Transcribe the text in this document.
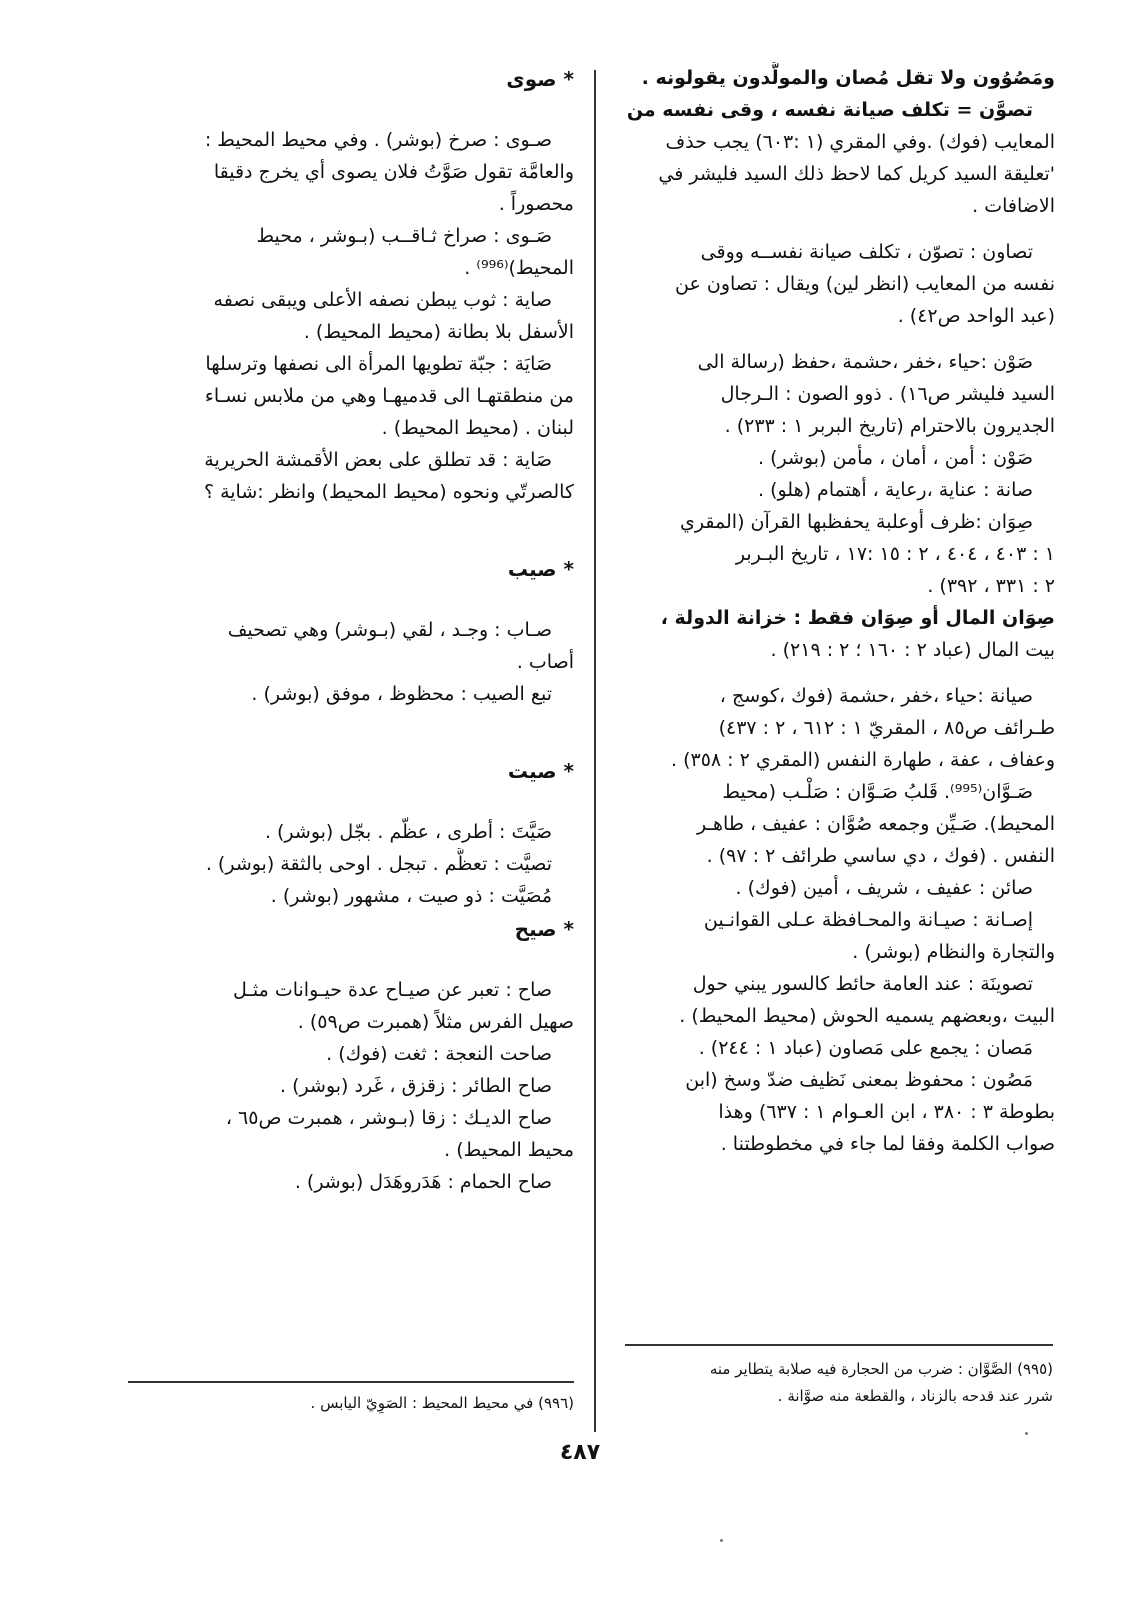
ومَصُوُون ولا تقل مُصان والمولَّدون يقولونه .
تصوَّن = تكلف صيانة نفسه ، وقى نفسه من
المعايب (فوك) .وفي المقري (١ :٦٠٣) يجب حذف
'تعليقة السيد كريل كما لاحظ ذلك السيد فليشر في
الاضافات .
تصاون : تصوّن ، تكلف صيانة نفســه ووقى
نفسه من المعايب (انظر لين) ويقال : تصاون عن
(عبد الواحد ص٤٢) .
صَوْن :حياء ،خفر ،حشمة ،حفظ (رسالة الى
السيد فليشر ص١٦) . ذوو الصون : الـرجال
الجديرون بالاحترام (تاريخ البربر ١ : ٢٣٣) .
صَوْن : أمن ، أمان ، مأمن (بوشر) .
صانة : عناية ،رعاية ، أهتمام (هلو) .
صِوَان :ظرف أوعلبة يحفظبها القرآن (المقري
١ : ٤٠٣ ، ٤٠٤ ، ٢ : ١٥ :١٧ ، تاريخ البـربر
٢ : ٣٣١ ، ٣٩٢) .
صِوَان المال أو صِوَان فقط : خزانة الدولة ،
بيت المال (عباد ٢ : ١٦٠ ؛ ٢ : ٢١٩) .
صيانة :حياء ،خفر ،حشمة (فوك ،كوسج ،
طـرائف ص٨٥ ، المقريّ ١ : ٦١٢ ، ٢ : ٤٣٧)
وعفاف ، عفة ، طهارة النفس (المقري ٢ : ٣٥٨) .
صَـوَّان⁽⁹⁹⁵⁾. قَلبُ صَـوَّان : صَلْـب (محيط
المحيط). صَـيِّن وجمعه صُوَّان : عفيف ، طاهـر
النفس . (فوك ، دي ساسي طرائف ٢ : ٩٧) .
صائن : عفيف ، شريف ، أمين (فوك) .
إصـانة : صيـانة والمحـافظة عـلى القوانـين
والتجارة والنظام (بوشر) .
تصوينَة : عند العامة حائط كالسور يبني حول
البيت ،وبعضهم يسميه الحوش (محيط المحيط) .
مَصان : يجمع على مَصاون (عباد ١ : ٢٤٤) .
مَصُون : محفوظ بمعنى نَظيف ضدّ وسخ (ابن
بطوطة ٣ : ٣٨٠ ، ابن العـوام ١ : ٦٣٧) وهذا
صواب الكلمة وفقا لما جاء في مخطوطتنا .
* صوى
صـوى : صرخ (بوشر) . وفي محيط المحيط :
والعامَّة تقول صَوَّتُ فلان يصوى أي يخرج دقيقا
محصوراً .
صَـوى : صراخ ثـاقــب (بـوشر ، محيط
المحيط)⁽⁹⁹⁶⁾ .
صاية : ثوب يبطن نصفه الأعلى ويبقى نصفه
الأسفل بلا بطانة (محيط المحيط) .
صَايَة : جبّة تطويها المرأة الى نصفها وترسلها
من منطقتهـا الى قدميهـا وهي من ملابس نسـاء
لبنان . (محيط المحيط) .
صَاية : قد تطلق على بعض الأقمشة الحريرية
كالصرتّي ونحوه (محيط المحيط) وانظر :شاية ؟
* صيب
صـاب : وجـد ، لقي (بـوشر) وهي تصحيف
أصاب .
تبع الصيب : محظوظ ، موفق (بوشر) .
* صيت
صَيَّتَ : أطرى ، عظّم . بجّل (بوشر) .
تصيَّت : تعظَّم . تبجل . اوحى بالثقة (بوشر) .
مُصَيَّت : ذو صيت ، مشهور (بوشر) .
* صيح
صاح : تعبر عن صيـاح عدة حيـوانات مثـل
صهيل الفرس مثلاً (همبرت ص٥٩) .
صاحت النعجة : ثغت (فوك) .
صاح الطائر : زقزق ، غَرد (بوشر) .
صاح الديـك : زقا (بـوشر ، همبرت ص٦٥ ،
محيط المحيط) .
صاح الحمام : هَدَروهَدَل (بوشر) .
(٩٩٥) الصَّوَّان : ضرب من الحجارة فيه صلابة يتطاير منه
شرر عند قدحه بالزناد ، والقطعة منه صوَّانة .
(٩٩٦) في محيط المحيط : الصَوِيّ اليابس .
٤٨٧
